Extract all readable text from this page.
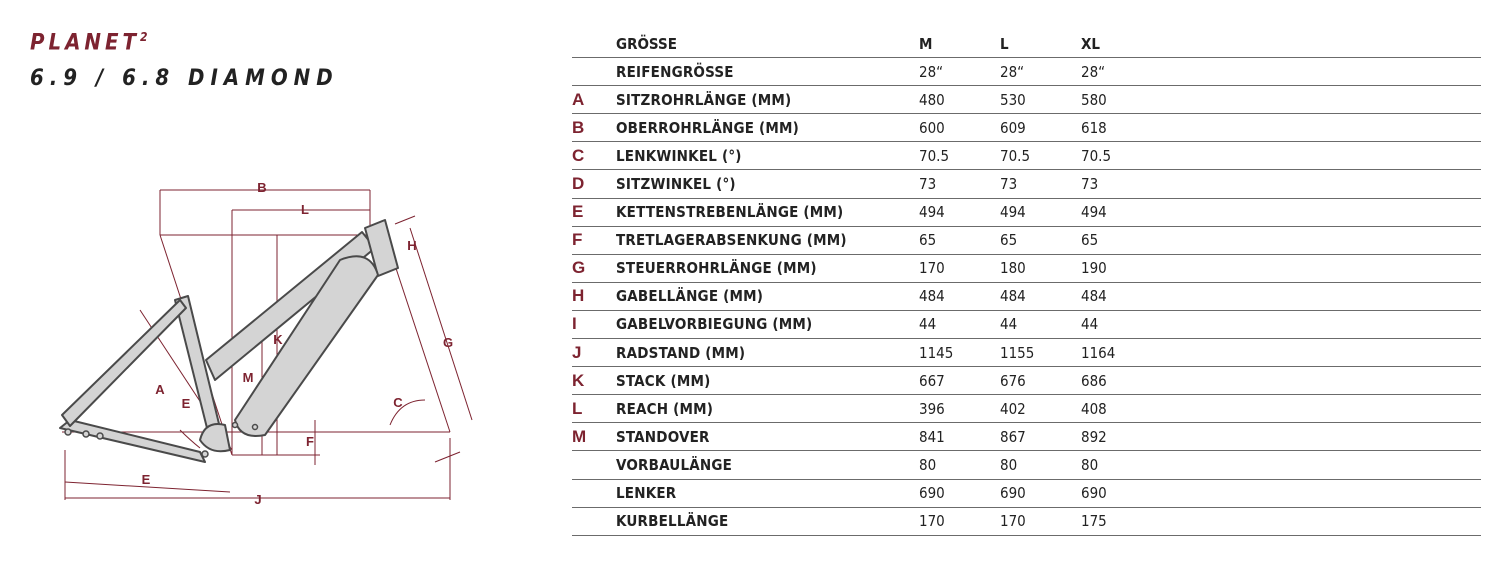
PLANET$^2$
6.9 / 6.8 DIAMOND
B
L
A
E
K
M
H
G
C
F
E
J
	GRÖSSE	M	L	XL
	REIFENGRÖSSE	28“	28“	28“
A	SITZROHRLÄNGE (MM)	480	530	580
B	OBERROHRLÄNGE (MM)	600	609	618
C	LENKWINKEL (°)	70.5	70.5	70.5
D	SITZWINKEL (°)	73	73	73
E	KETTENSTREBENLÄNGE (MM)	494	494	494
F	TRETLAGERABSENKUNG (MM)	65	65	65
G	STEUERROHRLÄNGE (MM)	170	180	190
H	GABELLÄNGE (MM)	484	484	484
I	GABELVORBIEGUNG (MM)	44	44	44
J	RADSTAND (MM)	1145	1155	1164
K	STACK (MM)	667	676	686
L	REACH (MM)	396	402	408
M	STANDOVER	841	867	892
	VORBAULÄNGE	80	80	80
	LENKER	690	690	690
	KURBELLÄNGE	170	170	175
